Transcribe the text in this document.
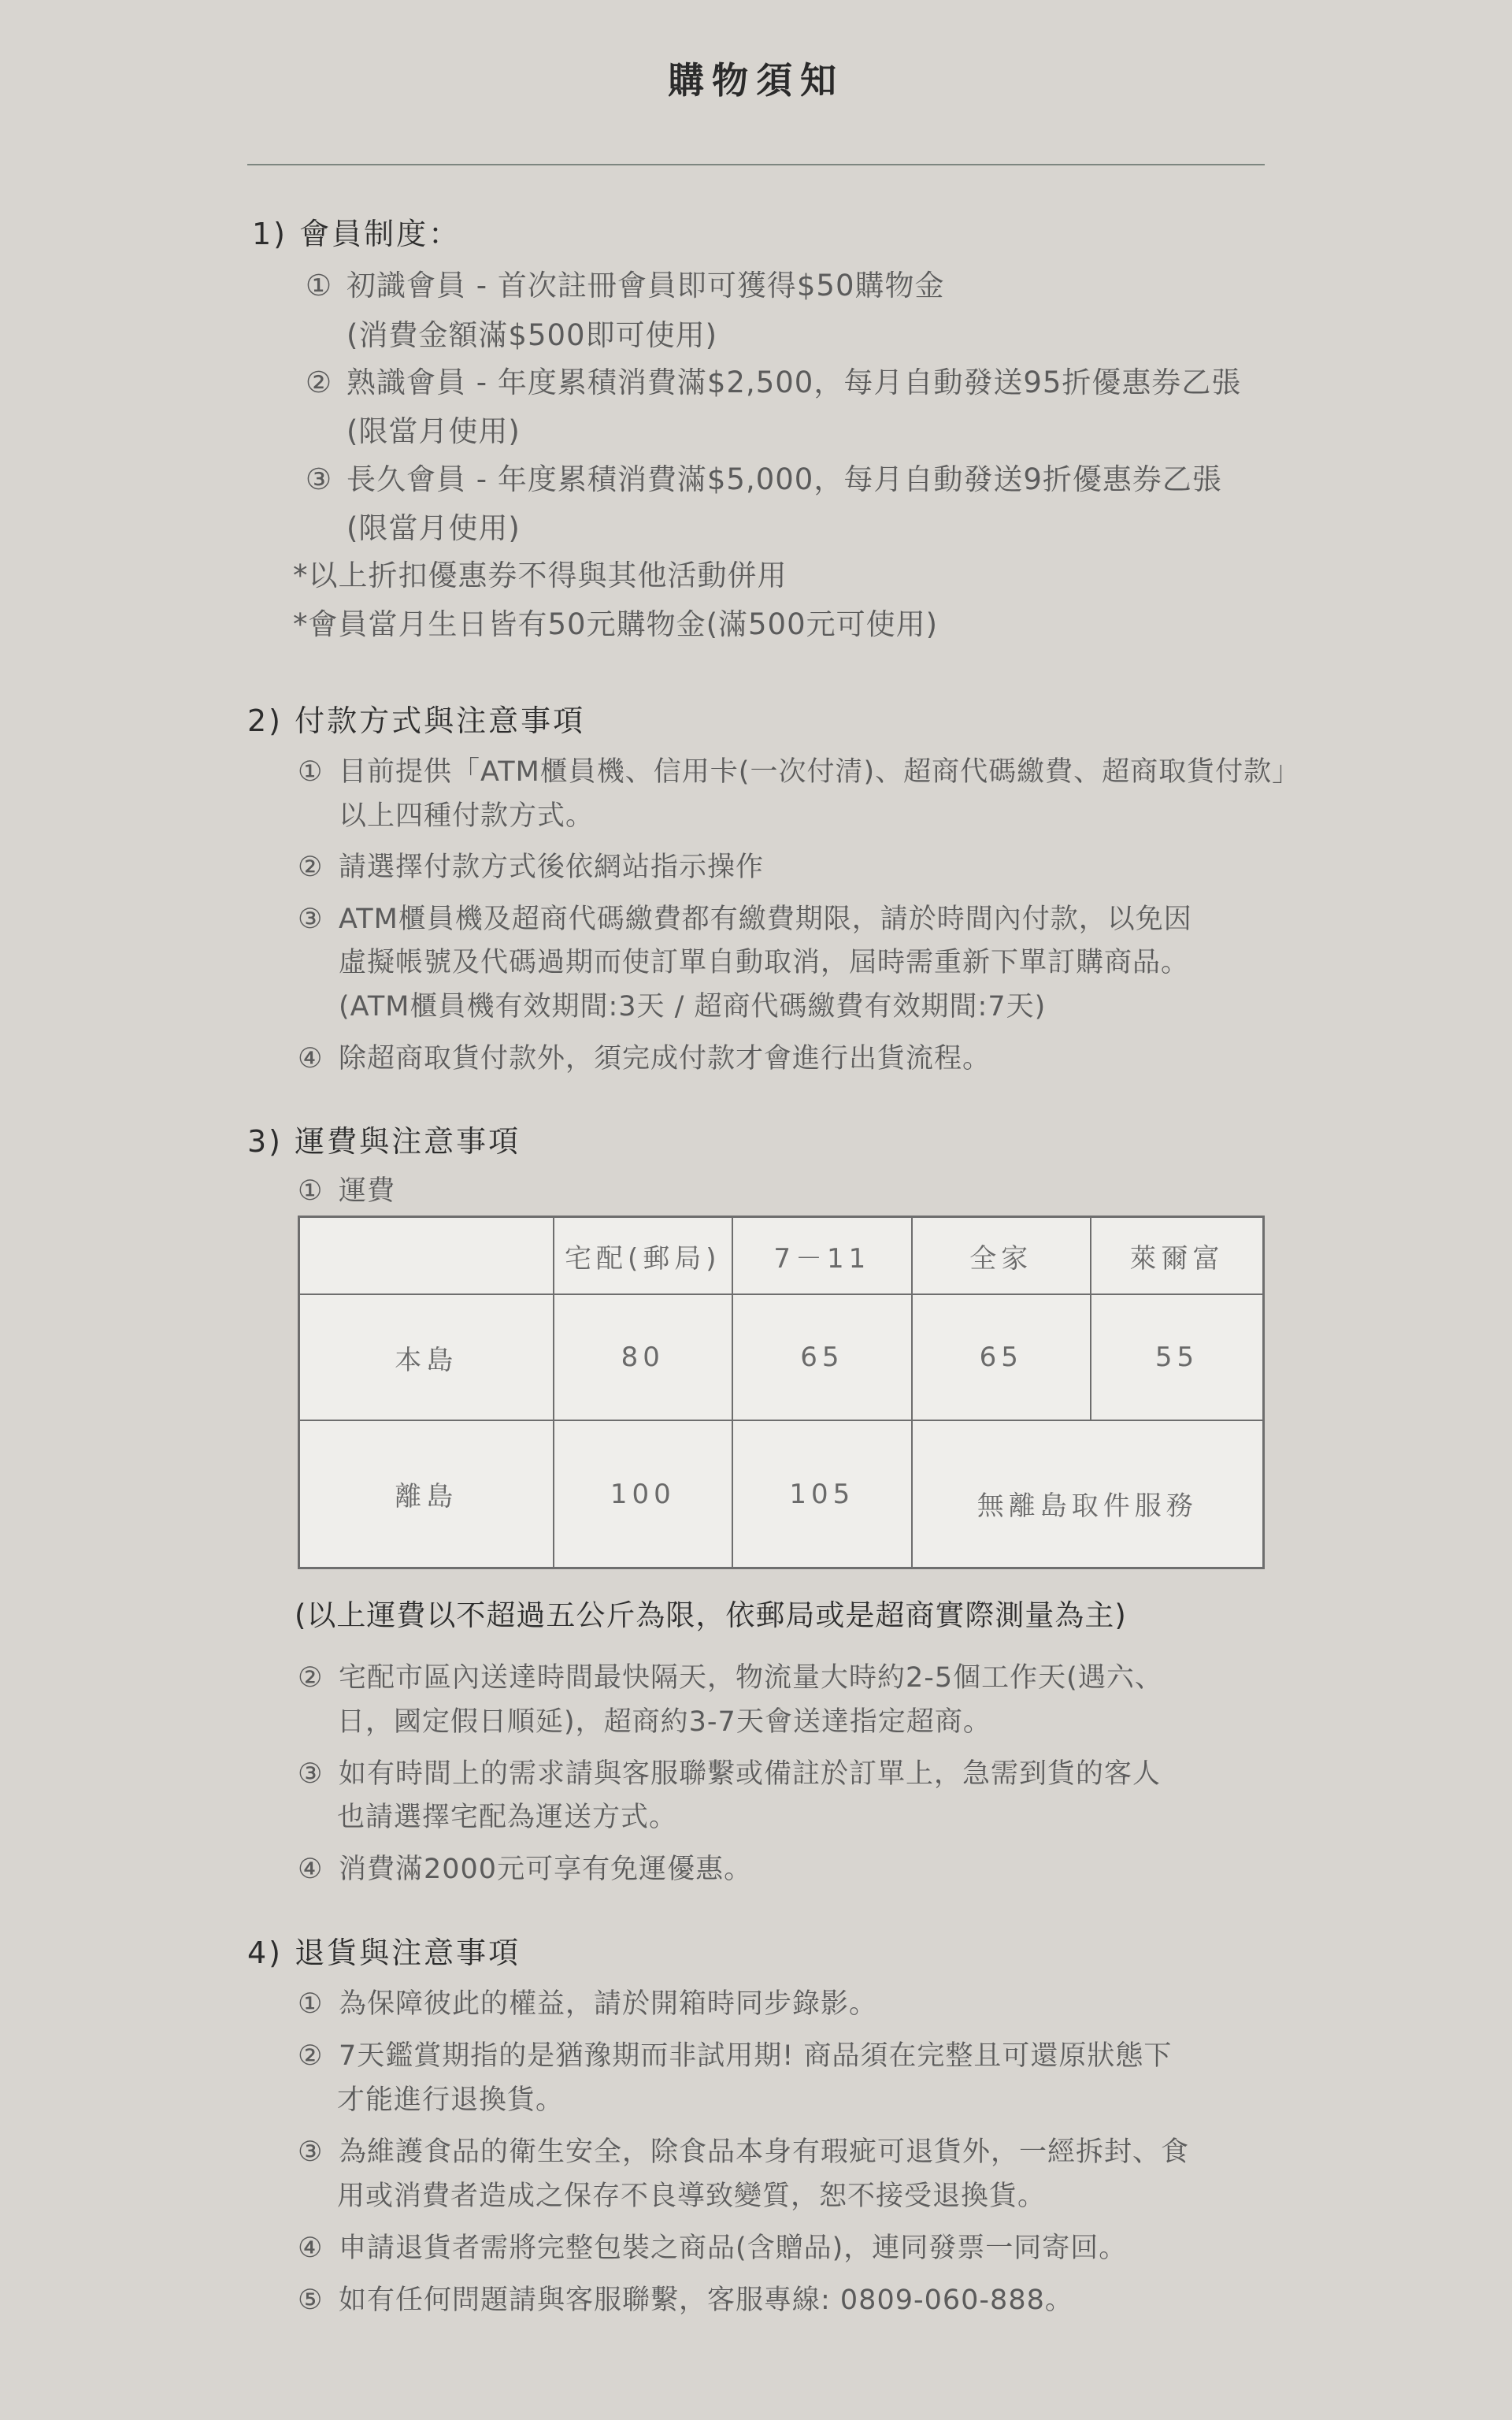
購物須知
1) 會員制度：
① 初識會員 - 首次註冊會員即可獲得$50購物金
(消費金額滿$500即可使用)
② 熟識會員 - 年度累積消費滿$2,500，每月自動發送95折優惠券乙張
(限當月使用)
③ 長久會員 - 年度累積消費滿$5,000，每月自動發送9折優惠券乙張
(限當月使用)
*以上折扣優惠券不得與其他活動併用
*會員當月生日皆有50元購物金(滿500元可使用)
2) 付款方式與注意事項
① 目前提供「ATM櫃員機、信用卡(一次付清)、超商代碼繳費、超商取貨付款」
以上四種付款方式。
② 請選擇付款方式後依網站指示操作
③ ATM櫃員機及超商代碼繳費都有繳費期限，請於時間內付款，以免因
虛擬帳號及代碼過期而使訂單自動取消，屆時需重新下單訂購商品。
(ATM櫃員機有效期間:3天 / 超商代碼繳費有效期間:7天)
④ 除超商取貨付款外，須完成付款才會進行出貨流程。
3) 運費與注意事項
① 運費
	宅配(郵局)	7－11	全家	萊爾富
本島	80	65	65	55
離島	100	105	無離島取件服務	
(以上運費以不超過五公斤為限，依郵局或是超商實際測量為主)
② 宅配市區內送達時間最快隔天，物流量大時約2-5個工作天(遇六、
日，國定假日順延)，超商約3-7天會送達指定超商。
③ 如有時間上的需求請與客服聯繫或備註於訂單上，急需到貨的客人
也請選擇宅配為運送方式。
④ 消費滿2000元可享有免運優惠。
4) 退貨與注意事項
① 為保障彼此的權益，請於開箱時同步錄影。
② 7天鑑賞期指的是猶豫期而非試用期! 商品須在完整且可還原狀態下
才能進行退換貨。
③ 為維護食品的衛生安全，除食品本身有瑕疵可退貨外，一經拆封、食
用或消費者造成之保存不良導致變質，恕不接受退換貨。
④ 申請退貨者需將完整包裝之商品(含贈品)，連同發票一同寄回。
⑤ 如有任何問題請與客服聯繫，客服專線: 0809-060-888。
